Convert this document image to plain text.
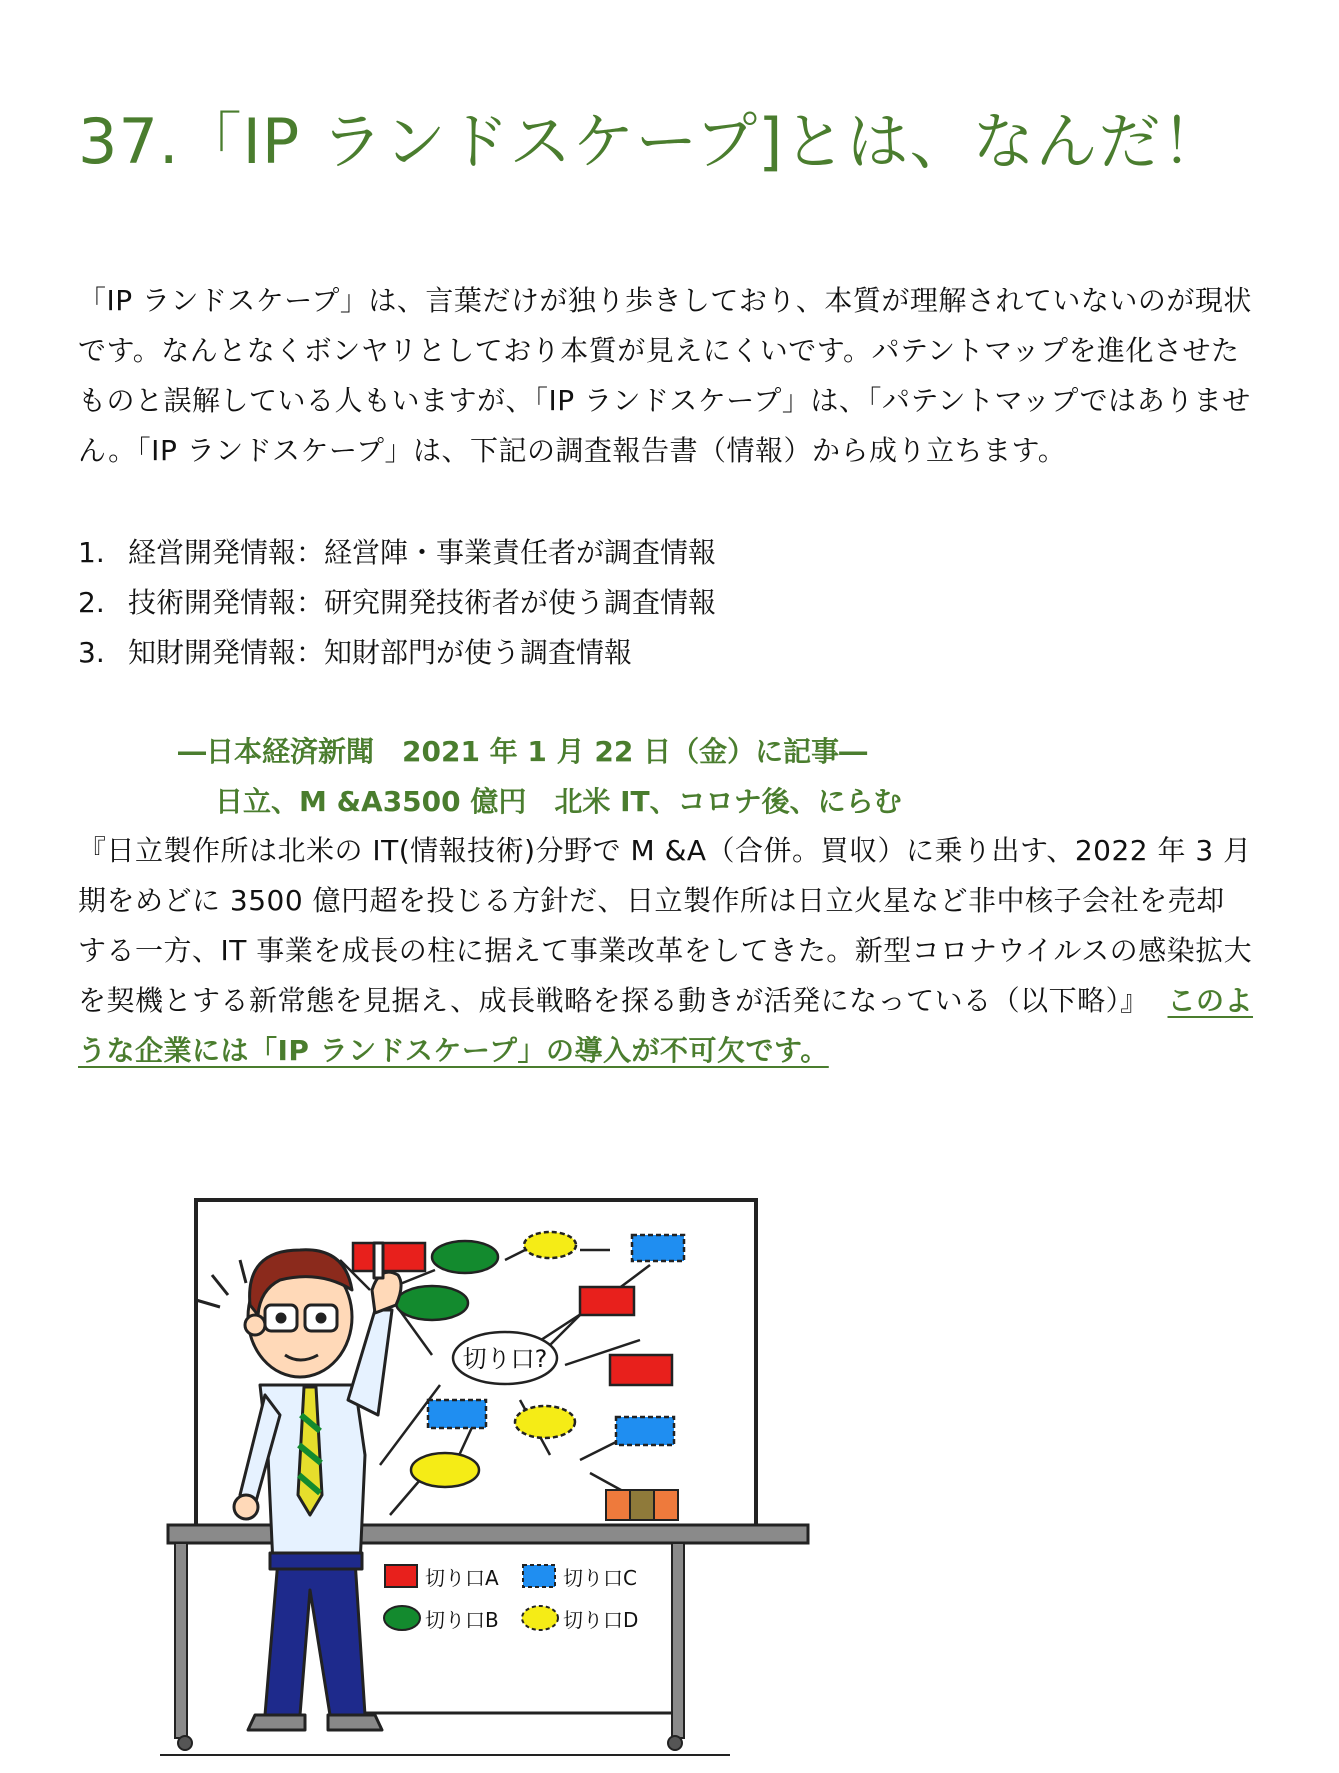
37.「IP ランドスケープ]とは、なんだ！

「IP ランドスケープ」は、言葉だけが独り歩きしており、本質が理解されていないのが現状です。なんとなくボンヤリとしており本質が見えにくいです。パテントマップを進化させたものと誤解している人もいますが、「IP ランドスケープ」は、「パテントマップではありません。「IP ランドスケープ」は、下記の調査報告書（情報）から成り立ちます。

1. 経営開発情報：経営陣・事業責任者が調査情報
2. 技術開発情報：研究開発技術者が使う調査情報
3. 知財開発情報：知財部門が使う調査情報

―日本経済新聞　2021 年 1 月 22 日（金）に記事―

日立、M &A3500 億円　北米 IT、コロナ後、にらむ

『日立製作所は北米の IT(情報技術)分野で M &A（合併。買収）に乗り出す、2022 年 3 月期をめどに 3500 億円超を投じる方針だ、日立製作所は日立火星など非中核子会社を売却する一方、IT 事業を成長の柱に据えて事業改革をしてきた。新型コロナウイルスの感染拡大を契機とする新常態を見据え、成長戦略を探る動きが活発になっている（以下略）』 このような企業には「IP ランドスケープ」の導入が不可欠です。

切り口?
切り口A
切り口B
切り口C
切り口D
